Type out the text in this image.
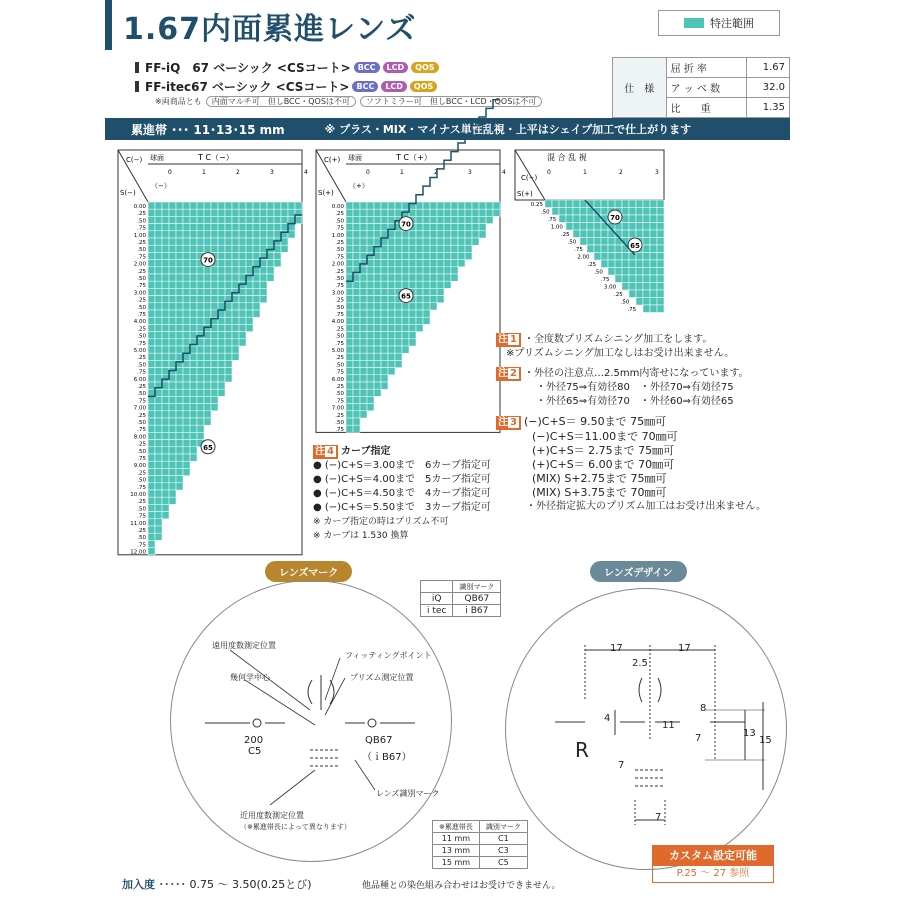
1.67内面累進レンズ	特注範囲
FF-iQ　67 ベーシック <CSコート> BCC	LCD	QOS
FF-itec67 ベーシック <CSコート> BCC	LCD	QOS
※両商品とも 内面マルチ可　但しBCC・QOSは不可 ソフトミラー可　但しBCC・LCD・QOSは不可
仕　様	屈 折 率	1.67
	ア ッ ベ 数	32.0
	比　　重	1.35
累進帯 ･･･ 11･13･15 mm	※ プラス・MIX・マイナス単性乱視・上平はシェイプ加工で仕上がります
C(−)
S(−)
球面	T C（−）
（−）
0	1	2	3	4
0.00
.25
.50
.75
1.00
.25
.50
.75
2.00
.25
.50
.75
3.00
.25
.50
.75
4.00
.25
.50
.75
5.00
.25
.50
.75
6.00
.25
.50
.75
7.00
.25
.50
.75
8.00
.25
.50
.75
9.00
.25
.50
.75
10.00
.25
.50
.75
11.00
.25
.50
.75
12.00
70
65
C(+)
S(+)
球面	T C（+）
（+）
0	1	2	3	4
0.00
.25
.50
.75
1.00
.25
.50
.75
2.00
.25
.50
.75
3.00
.25
.50
.75
4.00
.25
.50
.75
5.00
.25
.50
.75
6.00
.25
.50
.75
7.00
.25
.50
.75
70
65
混 合 乱 視
C(−)
S(+)
0	1	2	3
0.25
.50
.75
1.00
.25
.50
.75
2.00
.25
.50
.75
3.00
.25
.50
.75
70
65
注 1 ・全度数プリズムシニング加工をします。
　※プリズムシニング加工なしはお受け出来ません。
注 2 ・外径の注意点…2.5mm内寄せになっています。
　・外径75⇒有効径80　・外径70⇒有効径75
　・外径65⇒有効径70　・外径60⇒有効径65
注 3 (−)C+S＝ 9.50まで 75㎜可
(−)C+S＝11.00まで 70㎜可
(+)C+S＝ 2.75まで 75㎜可
(+)C+S＝ 6.00まで 70㎜可
(MIX) S+2.75まで 75㎜可
(MIX) S+3.75まで 70㎜可
・外径指定拡大のプリズム加工はお受け出来ません。
注 4 カーブ指定
● (−)C+S＝3.00まで　6カーブ指定可
● (−)C+S＝4.00まで　5カーブ指定可
● (−)C+S＝4.50まで　4カーブ指定可
● (−)C+S＝5.50まで　3カーブ指定可
※ カーブ指定の時はプリズム不可
※ カーブは 1.530 換算
レンズマーク
	識別マーク
iQ	QB67
i tec	i B67
遠用度数測定位置
フィッティングポイント
幾何学中心	プリズム測定位置
200
C5
QB67
（ｉB67）
レンズ識別マーク
近用度数測定位置
（※累進帯長によって異なります）	※累進帯長	識別マーク
11 mm	C1
13 mm	C3
15 mm	C5
レンズデザイン
17	17
2.5
4
8
11
7	13
15
7
7
R
加入度 ･････ 0.75 ～ 3.50(0.25とび)	他品種との染色組み合わせはお受けできません。
カスタム設定可能
P.25 ～ 27 参照
